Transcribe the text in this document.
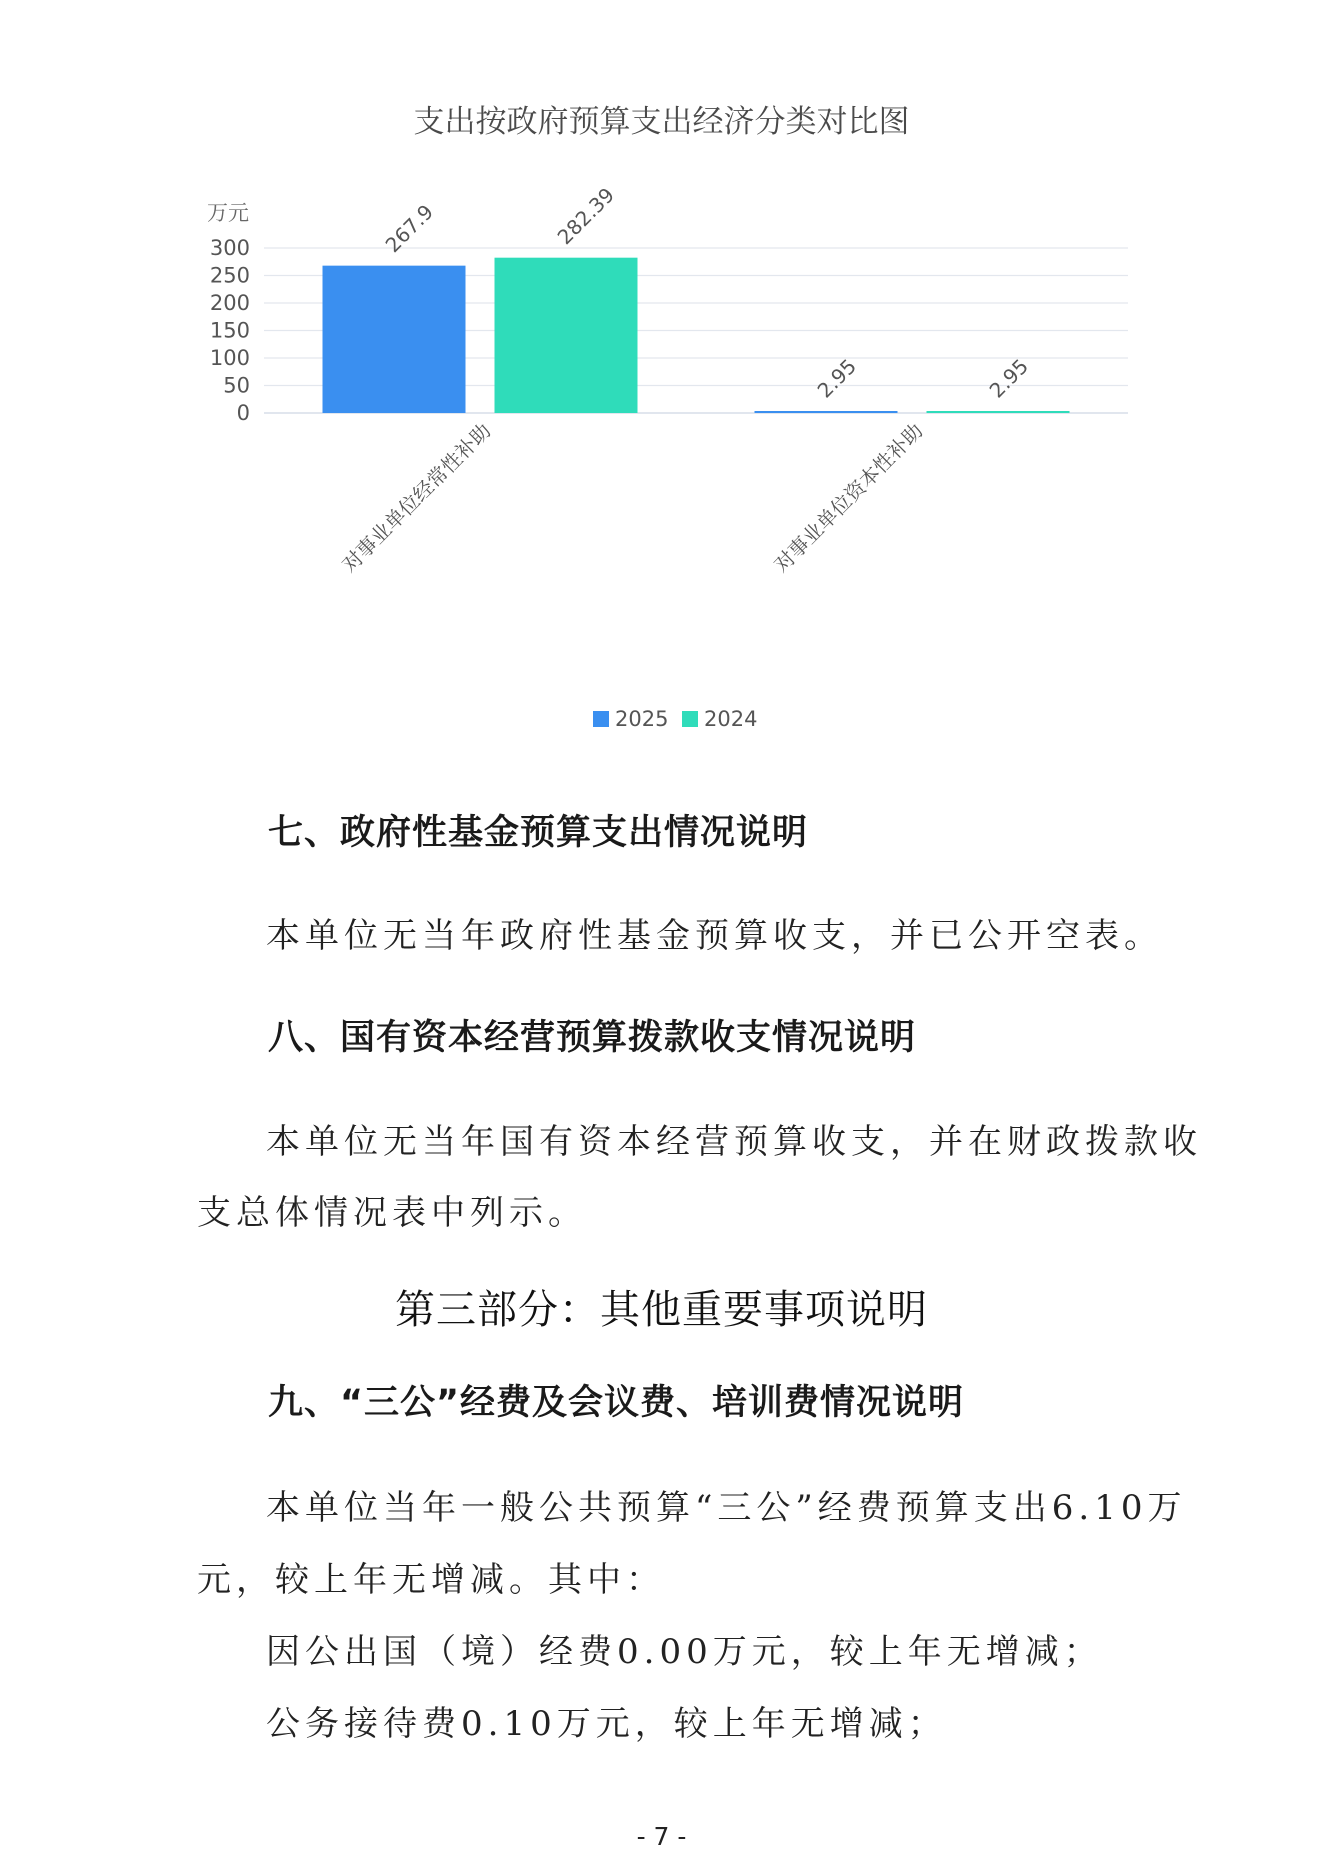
支出按政府预算支出经济分类对比图
万元
0
50
100
150
200
250
300	267.9	282.39
对事业单位经常性补助
2.95	2.95
对事业单位资本性补助
2025 2024
七、政府性基金预算支出情况说明
本单位无当年政府性基金预算收支，并已公开空表。
八、国有资本经营预算拨款收支情况说明
本单位无当年国有资本经营预算收支，并在财政拨款收
支总体情况表中列示。
第三部分：其他重要事项说明
九、“三公”经费及会议费、培训费情况说明
本单位当年一般公共预算“三公”经费预算支出6.10万
元，较上年无增减。其中：
因公出国（境）经费0.00万元，较上年无增减；
公务接待费0.10万元，较上年无增减；
- 7 -
